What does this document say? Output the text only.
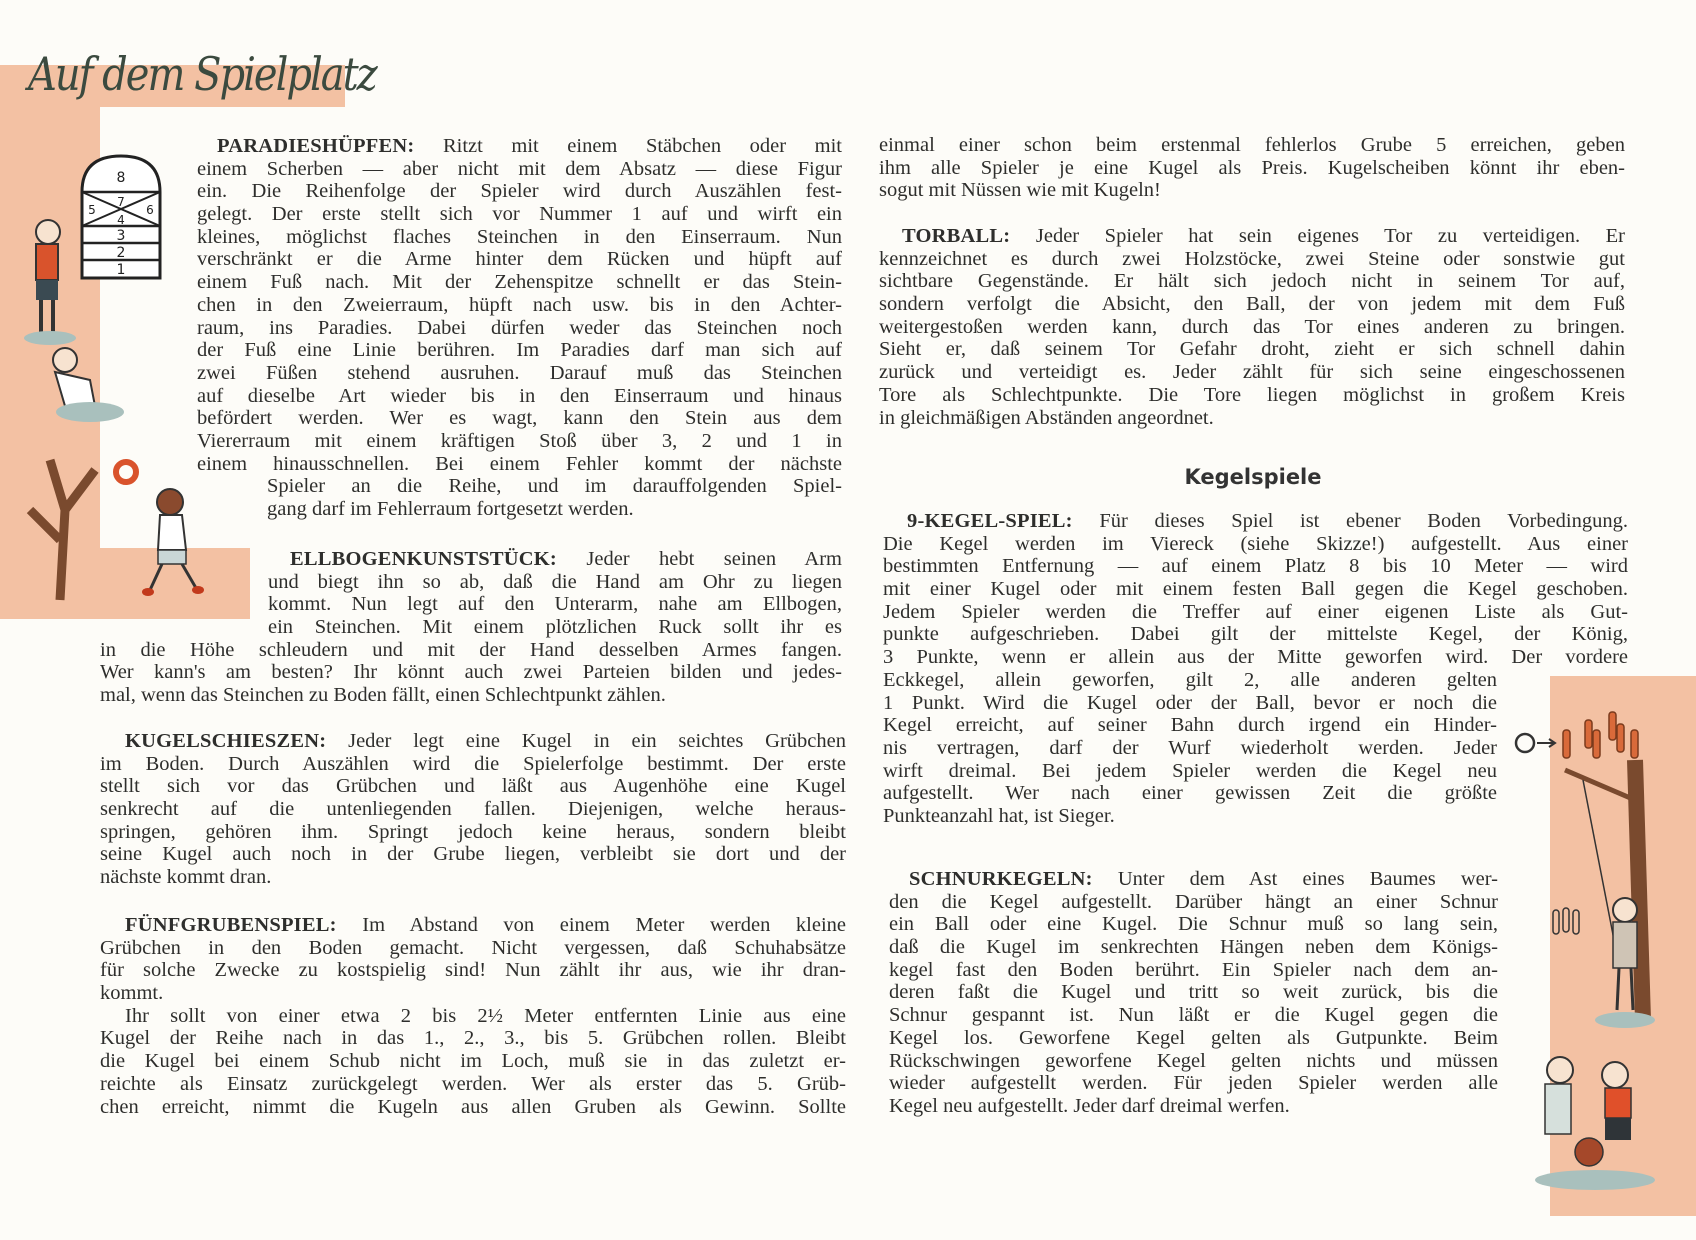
Auf dem Spielplatz
8
7
5	6
4
3
2
1
PARADIESHÜPFEN: Ritzt mit einem Stäbchen oder mit
einem Scherben — aber nicht mit dem Absatz — diese Figur
ein. Die Reihenfolge der Spieler wird durch Auszählen fest-
gelegt. Der erste stellt sich vor Nummer 1 auf und wirft ein
kleines, möglichst flaches Steinchen in den Einserraum. Nun
verschränkt er die Arme hinter dem Rücken und hüpft auf
einem Fuß nach. Mit der Zehenspitze schnellt er das Stein-
chen in den Zweierraum, hüpft nach usw. bis in den Achter-
raum, ins Paradies. Dabei dürfen weder das Steinchen noch
der Fuß eine Linie berühren. Im Paradies darf man sich auf
zwei Füßen stehend ausruhen. Darauf muß das Steinchen
auf dieselbe Art wieder bis in den Einserraum und hinaus
befördert werden. Wer es wagt, kann den Stein aus dem
Viererraum mit einem kräftigen Stoß über 3, 2 und 1 in
einem hinausschnellen. Bei einem Fehler kommt der nächste
Spieler an die Reihe, und im darauffolgenden Spiel-
gang darf im Fehlerraum fortgesetzt werden.
ELLBOGENKUNSTSTÜCK: Jeder hebt seinen Arm
und biegt ihn so ab, daß die Hand am Ohr zu liegen
kommt. Nun legt auf den Unterarm, nahe am Ellbogen,
ein Steinchen. Mit einem plötzlichen Ruck sollt ihr es
in die Höhe schleudern und mit der Hand desselben Armes fangen.
Wer kann's am besten? Ihr könnt auch zwei Parteien bilden und jedes-
mal, wenn das Steinchen zu Boden fällt, einen Schlechtpunkt zählen.
KUGELSCHIESZEN: Jeder legt eine Kugel in ein seichtes Grübchen
im Boden. Durch Auszählen wird die Spielerfolge bestimmt. Der erste
stellt sich vor das Grübchen und läßt aus Augenhöhe eine Kugel
senkrecht auf die untenliegenden fallen. Diejenigen, welche heraus-
springen, gehören ihm. Springt jedoch keine heraus, sondern bleibt
seine Kugel auch noch in der Grube liegen, verbleibt sie dort und der
nächste kommt dran.
FÜNFGRUBENSPIEL: Im Abstand von einem Meter werden kleine
Grübchen in den Boden gemacht. Nicht vergessen, daß Schuhabsätze
für solche Zwecke zu kostspielig sind! Nun zählt ihr aus, wie ihr dran-
kommt.
Ihr sollt von einer etwa 2 bis 2½ Meter entfernten Linie aus eine
Kugel der Reihe nach in das 1., 2., 3., bis 5. Grübchen rollen. Bleibt
die Kugel bei einem Schub nicht im Loch, muß sie in das zuletzt er-
reichte als Einsatz zurückgelegt werden. Wer als erster das 5. Grüb-
chen erreicht, nimmt die Kugeln aus allen Gruben als Gewinn. Sollte
einmal einer schon beim erstenmal fehlerlos Grube 5 erreichen, geben
ihm alle Spieler je eine Kugel als Preis. Kugelscheiben könnt ihr eben-
sogut mit Nüssen wie mit Kugeln!
TORBALL: Jeder Spieler hat sein eigenes Tor zu verteidigen. Er
kennzeichnet es durch zwei Holzstöcke, zwei Steine oder sonstwie gut
sichtbare Gegenstände. Er hält sich jedoch nicht in seinem Tor auf,
sondern verfolgt die Absicht, den Ball, der von jedem mit dem Fuß
weitergestoßen werden kann, durch das Tor eines anderen zu bringen.
Sieht er, daß seinem Tor Gefahr droht, zieht er sich schnell dahin
zurück und verteidigt es. Jeder zählt für sich seine eingeschossenen
Tore als Schlechtpunkte. Die Tore liegen möglichst in großem Kreis
in gleichmäßigen Abständen angeordnet.
Kegelspiele
9-KEGEL-SPIEL: Für dieses Spiel ist ebener Boden Vorbedingung.
Die Kegel werden im Viereck (siehe Skizze!) aufgestellt. Aus einer
bestimmten Entfernung — auf einem Platz 8 bis 10 Meter — wird
mit einer Kugel oder mit einem festen Ball gegen die Kegel geschoben.
Jedem Spieler werden die Treffer auf einer eigenen Liste als Gut-
punkte aufgeschrieben. Dabei gilt der mittelste Kegel, der König,
3 Punkte, wenn er allein aus der Mitte geworfen wird. Der vordere
Eckkegel, allein geworfen, gilt 2, alle anderen gelten
1 Punkt. Wird die Kugel oder der Ball, bevor er noch die
Kegel erreicht, auf seiner Bahn durch irgend ein Hinder-
nis vertragen, darf der Wurf wiederholt werden. Jeder
wirft dreimal. Bei jedem Spieler werden die Kegel neu
aufgestellt. Wer nach einer gewissen Zeit die größte
Punkteanzahl hat, ist Sieger.
SCHNURKEGELN: Unter dem Ast eines Baumes wer-
den die Kegel aufgestellt. Darüber hängt an einer Schnur
ein Ball oder eine Kugel. Die Schnur muß so lang sein,
daß die Kugel im senkrechten Hängen neben dem Königs-
kegel fast den Boden berührt. Ein Spieler nach dem an-
deren faßt die Kugel und tritt so weit zurück, bis die
Schnur gespannt ist. Nun läßt er die Kugel gegen die
Kegel los. Geworfene Kegel gelten als Gutpunkte. Beim
Rückschwingen geworfene Kegel gelten nichts und müssen
wieder aufgestellt werden. Für jeden Spieler werden alle
Kegel neu aufgestellt. Jeder darf dreimal werfen.
